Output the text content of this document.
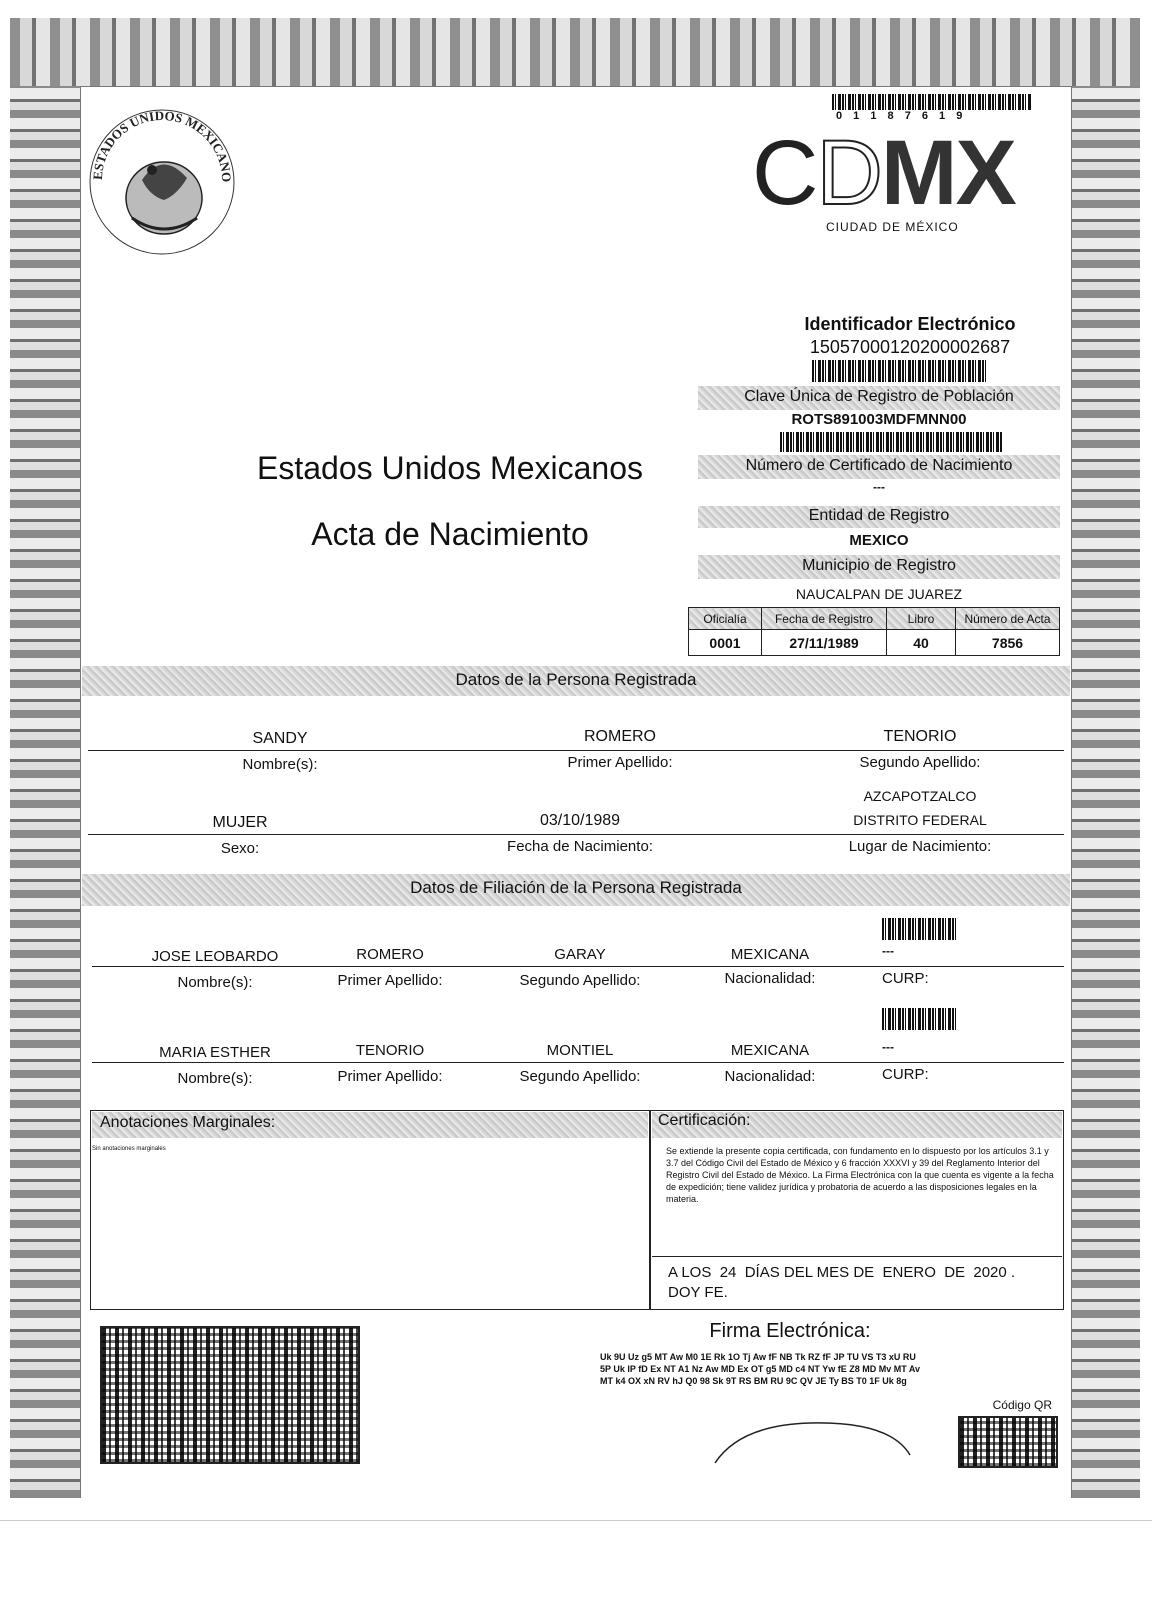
ESTADOS UNIDOS MEXICANO
0 1 1 8 7 6 1 9
CDMX
CIUDAD DE MÉXICO
Estados Unidos Mexicanos
Acta de Nacimiento
Identificador Electrónico
15057000120200002687
Clave Única de Registro de Población
ROTS891003MDFMNN00
Número de Certificado de Nacimiento
---
Entidad de Registro
MEXICO
Municipio de Registro
NAUCALPAN DE JUAREZ
Oficialía	Fecha de Registro	Libro	Número de Acta
0001	27/11/1989	40	7856
Datos de la Persona Registrada
SANDY	ROMERO	TENORIO
Nombre(s):	Primer Apellido:	Segundo Apellido:
AZCAPOTZALCO
MUJER	03/10/1989	DISTRITO FEDERAL
Sexo:	Fecha de Nacimiento:	Lugar de Nacimiento:
Datos de Filiación de la Persona Registrada
JOSE LEOBARDO	ROMERO	GARAY	MEXICANA	---
Nombre(s):	Primer Apellido:	Segundo Apellido:	Nacionalidad:	CURP:
MARIA ESTHER	TENORIO	MONTIEL	MEXICANA	---
Nombre(s):	Primer Apellido:	Segundo Apellido:	Nacionalidad:	CURP:
Anotaciones Marginales:
Sin anotaciones marginales
Certificación:
Se extiende la presente copia certificada, con fundamento en lo dispuesto por los artículos 3.1 y 3.7 del Código Civil del Estado de México y 6 fracción XXXVI y 39 del Reglamento Interior del Registro Civil del Estado de México. La Firma Electrónica con la que cuenta es vigente a la fecha de expedición; tiene validez jurídica y probatoria de acuerdo a las disposiciones legales en la materia.
A LOS  24  DÍAS DEL MES DE  ENERO  DE  2020 .
DOY FE.
Firma Electrónica:
Uk 9U Uz g5 MT Aw M0 1E Rk 1O Tj Aw fF NB Tk RZ fF JP TU VS T3 xU RU
5P Uk IP fD Ex NT A1 Nz Aw MD Ex OT g5 MD c4 NT Yw fE Z8 MD Mv MT Av
MT k4 OX xN RV hJ Q0 98 Sk 9T RS BM RU 9C QV JE Ty BS T0 1F Uk 8g
Código QR
